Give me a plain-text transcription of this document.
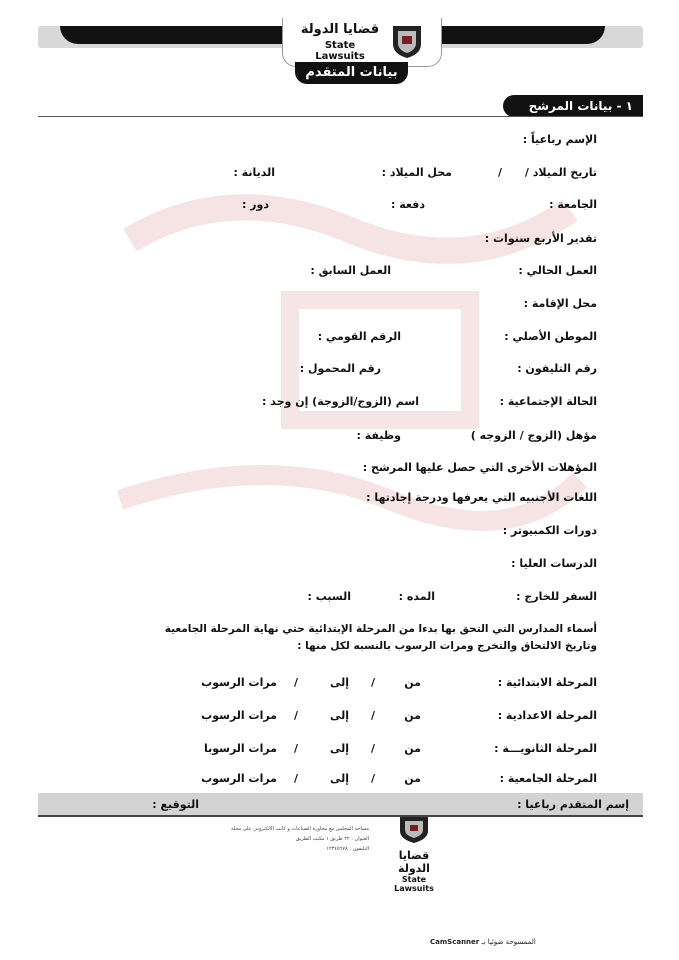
قضايا الدولة
State Lawsuits
بيانات المتقدم
١ - بيانات المرشح
الإسم رباعياً :
تاريخ الميلاد /
/
محل الميلاد :
الديانة :
الجامعة :
دفعة :
دور :
تقدير الأربع سنوات :
العمل الحالي :
العمل السابق :
محل الإقامة :
الموطن الأصلي :
الرقم القومي :
رقم التليفون :
رقم المحمول :
الحالة الإجتماعية :
اسم (الزوج/الزوجة) إن وجد :
مؤهل (الزوج / الزوجه )
وظيفة :
المؤهلات الأخرى التي حصل عليها المرشح :
اللغات الأجنبيه التي يعرفها ودرجة إجادتها :
دورات الكمبيوتر :
الدرسات العليا :
السفر للخارج :
المده :
السبب :
أسماء المدارس التي التحق بها بدءا من المرحلة الإبتدائية حتي نهاية المرحلة الجامعية
وتاريخ الالتحاق والتخرج ومرات الرسوب بالنسبه لكل منها :
المرحلة الابتدائية :
من
/
إلى
/
مرات الرسوب
المرحلة الاعدادية :
من
/
إلى
/
مرات الرسوب
المرحلة الثانويـــة :
من
/
إلى
/
مرات الرسوبا
المرحلة الجامعية :
من
/
إلى
/
مرات الرسوب
إسم المتقدم رباعيا :
التوقيع :
مساحة المجلس مع مجاورة الصناعات و كاتب الالكتروني على مجلة
العنوان : ٢٢ طريق ١ مكتب الطريق
التليفون : ١٢٣٤٥٦٧٨	قضايا الدولة
State Lawsuits
الممسوحة ضوئيا بـ CamScanner
